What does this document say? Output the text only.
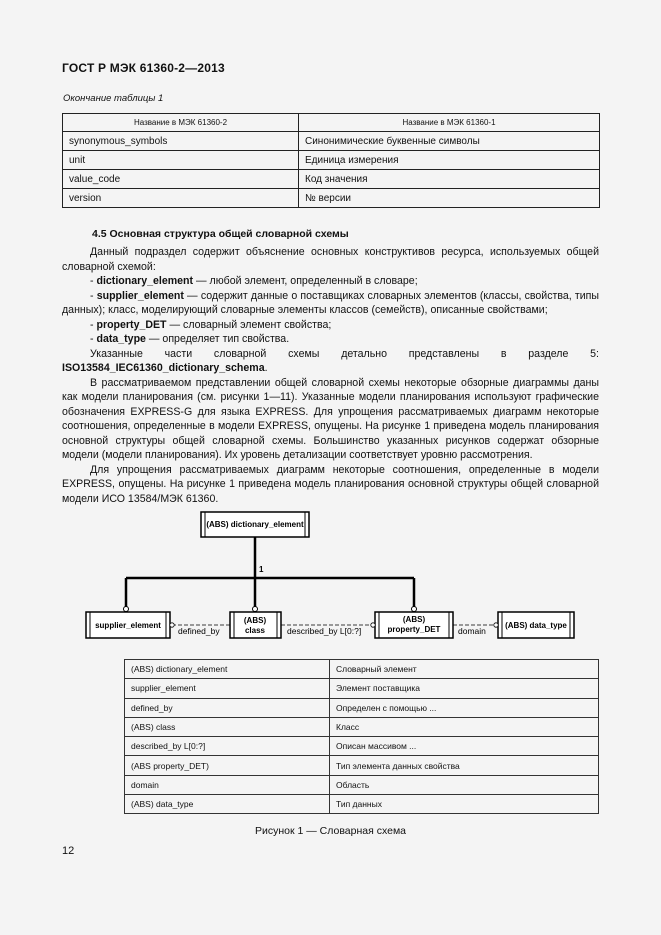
ГОСТ Р МЭК 61360-2—2013
Окончание таблицы 1
Название в МЭК 61360-2	Название в МЭК 61360-1
synonymous_symbols	Синонимические буквенные символы
unit	Единица измерения
value_code	Код значения
version	№ версии
4.5 Основная структура общей словарной схемы

Данный подраздел содержит объяснение основных конструктивов ресурса, используемых общей словарной схемой:

- dictionary_element — любой элемент, определенный в словаре;

- supplier_element — содержит данные о поставщиках словарных элементов (классы, свойства, типы данных); класс, моделирующий словарные элементы классов (семейств), описанные свойствами;

- property_DET — словарный элемент свойства;

- data_type — определяет тип свойства.

Указанные части словарной схемы детально представлены в разделе 5: ISO13584_IEC61360_dictionary_schema.

В рассматриваемом представлении общей словарной схемы некоторые обзорные диаграммы даны как модели планирования (см. рисунки 1—11). Указанные модели планирования используют графические обозначения EXPRESS-G для языка EXPRESS. Для упрощения рассматриваемых диаграмм некоторые соотношения, определенные в модели EXPRESS, опущены. На рисунке 1 приведена модель планирования основной структуры общей словарной схемы. Большинство указанных рисунков содержат обзорные модели (модели планирования). Их уровень детализации соответствует уровню рассмотрения.

Для упрощения рассматриваемых диаграмм некоторые соотношения, определенные в модели EXPRESS, опущены. На рисунке 1 приведена модель планирования основной структуры общей словарной модели ИСО 13584/МЭК 61360.

(ABS) dictionary_element
1
supplier_element
(ABS)
class
(ABS)
property_DET	(ABS) data_type
defined_by	described_by L[0:?]	domain
(ABS) dictionary_element	Словарный элемент
supplier_element	Элемент поставщика
defined_by	Определен с помощью ...
(ABS) class	Класс
described_by L[0:?]	Описан массивом ...
(ABS property_DET)	Тип элемента данных свойства
domain	Область
(ABS) data_type	Тип данных
Рисунок 1 — Словарная схема
12
